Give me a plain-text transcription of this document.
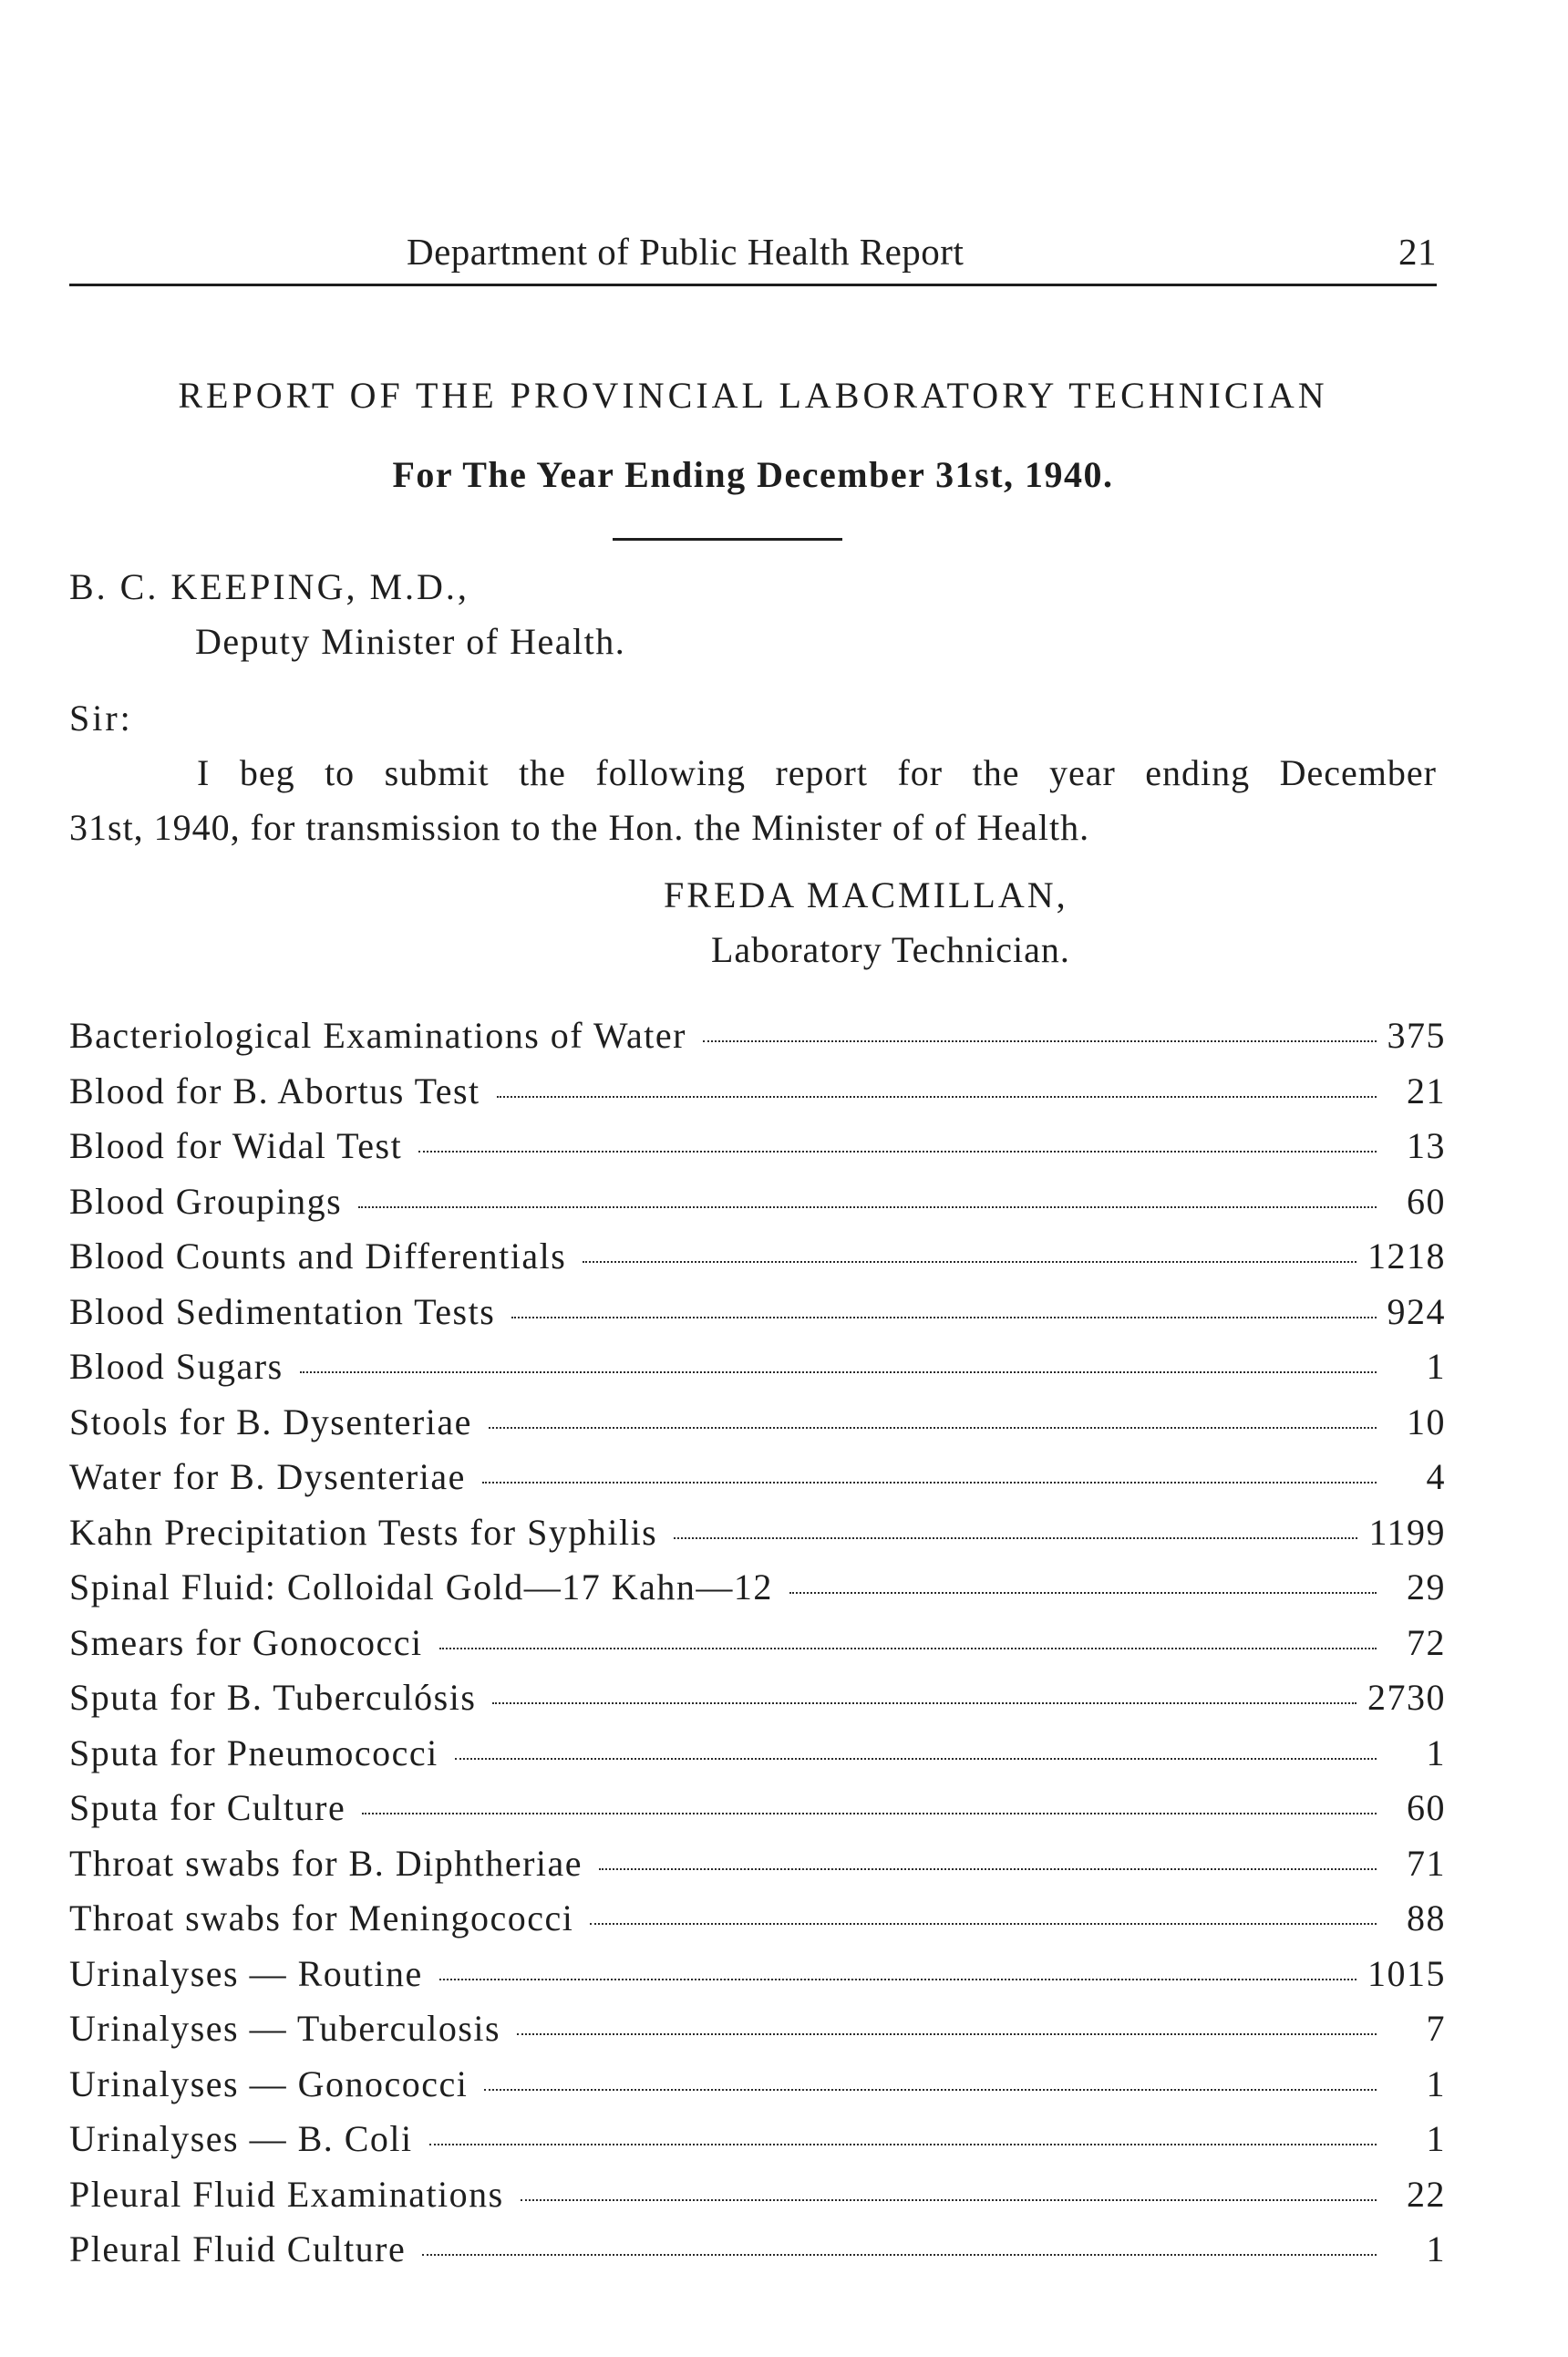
Department of Public Health Report	21
REPORT OF THE PROVINCIAL LABORATORY TECHNICIAN
For The Year Ending December 31st, 1940.
B. C. KEEPING, M.D.,
Deputy Minister of Health.
Sir:
I beg to submit the following report for the year ending December
31st, 1940, for transmission to the Hon. the Minister of of Health.
FREDA MACMILLAN,
Laboratory Technician.
Bacteriological Examinations of Water	375
Blood for B. Abortus Test	21
Blood for Widal Test	13
Blood Groupings	60
Blood Counts and Differentials	1218
Blood Sedimentation Tests	924
Blood Sugars	1
Stools for B. Dysenteriae	10
Water for B. Dysenteriae	4
Kahn Precipitation Tests for Syphilis	1199
Spinal Fluid: Colloidal Gold—17 Kahn—12	29
Smears for Gonococci	72
Sputa for B. Tuberculósis	2730
Sputa for Pneumococci	1
Sputa for Culture	60
Throat swabs for B. Diphtheriae	71
Throat swabs for Meningococci	88
Urinalyses — Routine	1015
Urinalyses — Tuberculosis	7
Urinalyses — Gonococci	1
Urinalyses — B. Coli	1
Pleural Fluid Examinations	22
Pleural Fluid Culture	1
